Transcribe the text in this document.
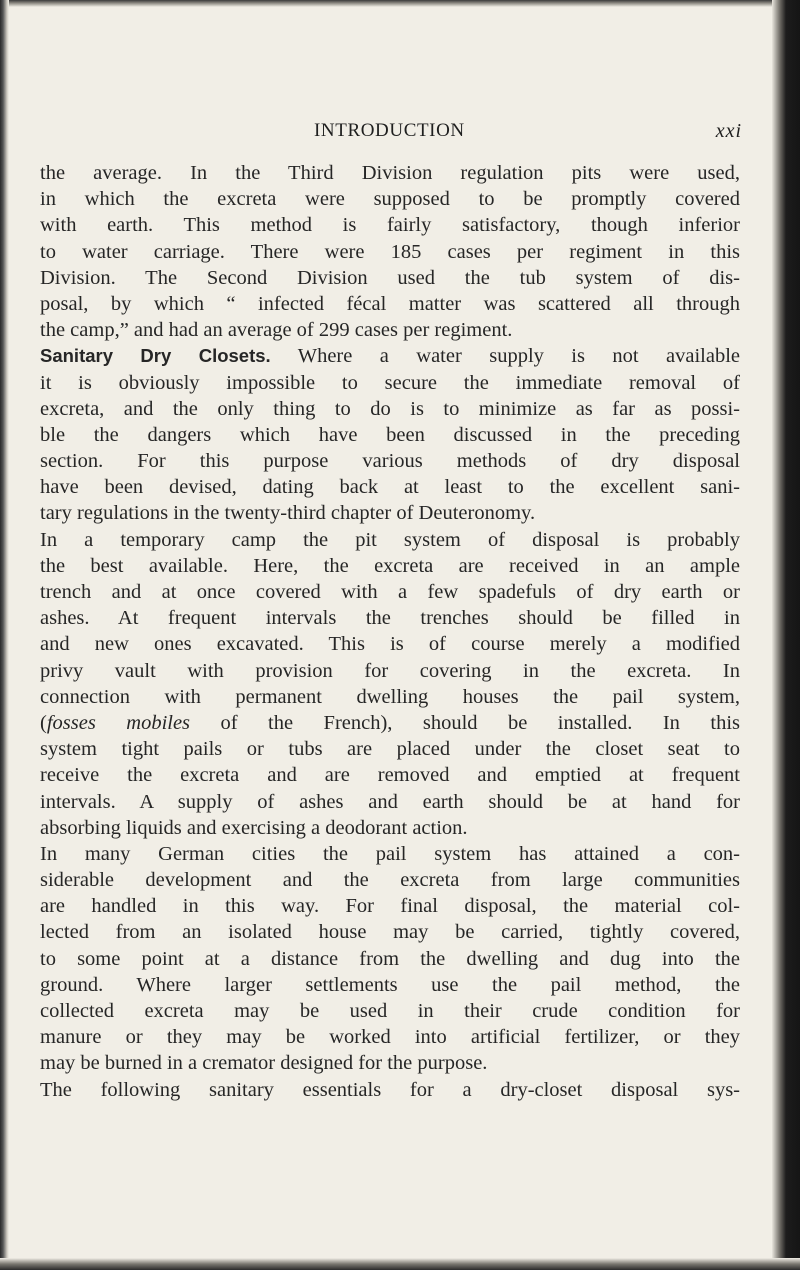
INTRODUCTION	xxi
the average. In the Third Division regulation pits were used,
in which the excreta were supposed to be promptly covered
with earth. This method is fairly satisfactory, though inferior
to water carriage. There were 185 cases per regiment in this
Division. The Second Division used the tub system of dis-
posal, by which “ infected fécal matter was scattered all through
the camp,” and had an average of 299 cases per regiment.
Sanitary Dry Closets. Where a water supply is not available
it is obviously impossible to secure the immediate removal of
excreta, and the only thing to do is to minimize as far as possi-
ble the dangers which have been discussed in the preceding
section. For this purpose various methods of dry disposal
have been devised, dating back at least to the excellent sani-
tary regulations in the twenty-third chapter of Deuteronomy.
In a temporary camp the pit system of disposal is probably
the best available. Here, the excreta are received in an ample
trench and at once covered with a few spadefuls of dry earth or
ashes. At frequent intervals the trenches should be filled in
and new ones excavated. This is of course merely a modified
privy vault with provision for covering in the excreta. In
connection with permanent dwelling houses the pail system,
(fosses mobiles of the French), should be installed. In this
system tight pails or tubs are placed under the closet seat to
receive the excreta and are removed and emptied at frequent
intervals. A supply of ashes and earth should be at hand for
absorbing liquids and exercising a deodorant action.
In many German cities the pail system has attained a con-
siderable development and the excreta from large communities
are handled in this way. For final disposal, the material col-
lected from an isolated house may be carried, tightly covered,
to some point at a distance from the dwelling and dug into the
ground. Where larger settlements use the pail method, the
collected excreta may be used in their crude condition for
manure or they may be worked into artificial fertilizer, or they
may be burned in a cremator designed for the purpose.
The following sanitary essentials for a dry-closet disposal sys-
